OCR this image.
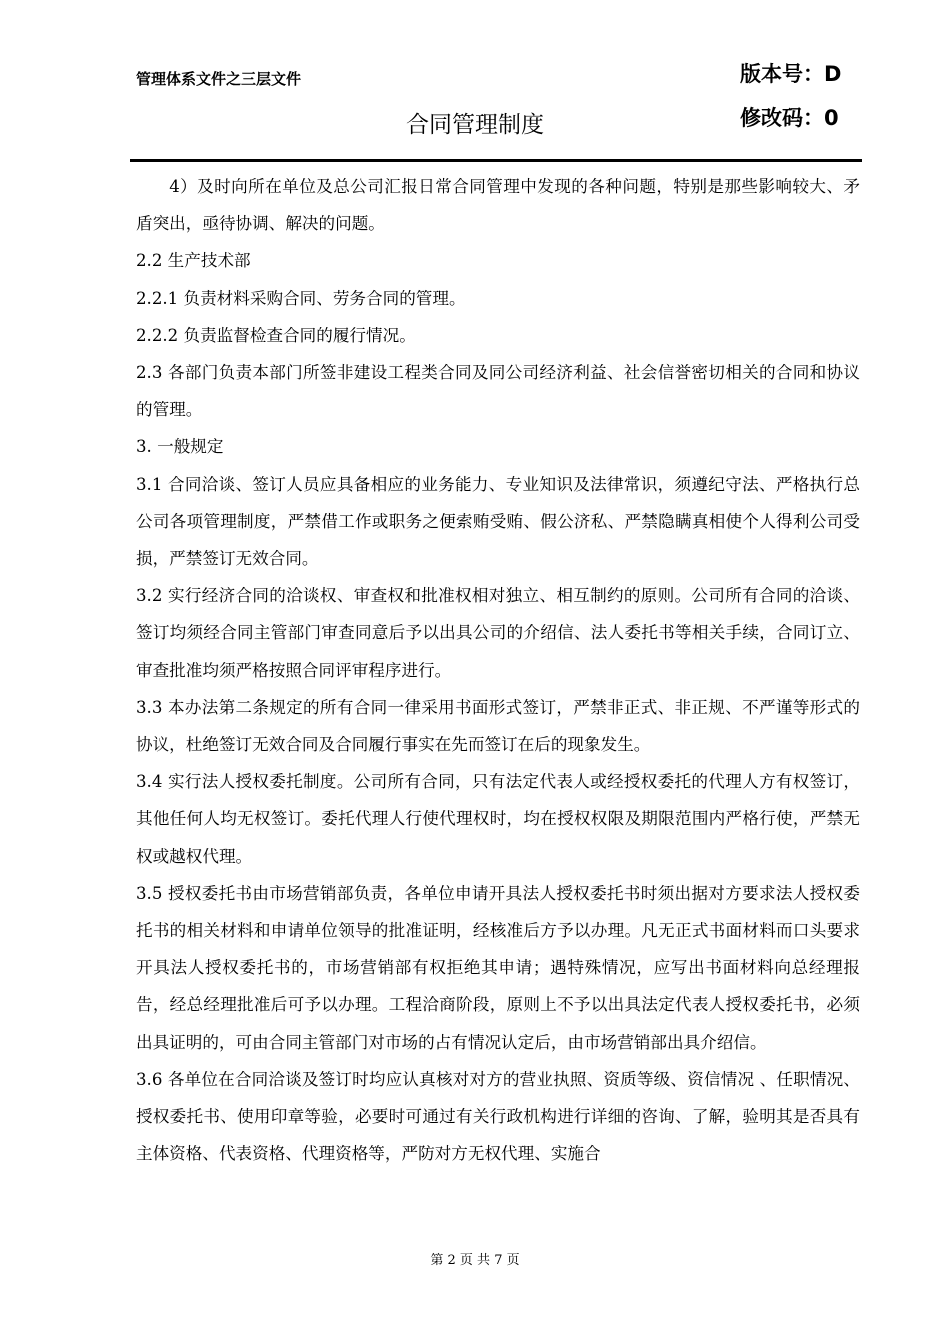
管理体系文件之三层文件
合同管理制度
版本号：D
修改码：0

4）及时向所在单位及总公司汇报日常合同管理中发现的各种问题，特别是那些影响较大、矛盾突出，亟待协调、解决的问题。

2.2 生产技术部

2.2.1 负责材料采购合同、劳务合同的管理。

2.2.2 负责监督检查合同的履行情况。

2.3 各部门负责本部门所签非建设工程类合同及同公司经济利益、社会信誉密切相关的合同和协议的管理。

3. 一般规定

3.1 合同洽谈、签订人员应具备相应的业务能力、专业知识及法律常识，须遵纪守法、严格执行总公司各项管理制度，严禁借工作或职务之便索贿受贿、假公济私、严禁隐瞒真相使个人得利公司受损，严禁签订无效合同。

3.2 实行经济合同的洽谈权、审查权和批准权相对独立、相互制约的原则。公司所有合同的洽谈、签订均须经合同主管部门审查同意后予以出具公司的介绍信、法人委托书等相关手续，合同订立、审查批准均须严格按照合同评审程序进行。

3.3 本办法第二条规定的所有合同一律采用书面形式签订，严禁非正式、非正规、不严谨等形式的协议，杜绝签订无效合同及合同履行事实在先而签订在后的现象发生。

3.4 实行法人授权委托制度。公司所有合同，只有法定代表人或经授权委托的代理人方有权签订，其他任何人均无权签订。委托代理人行使代理权时，均在授权权限及期限范围内严格行使，严禁无权或越权代理。

3.5 授权委托书由市场营销部负责，各单位申请开具法人授权委托书时须出据对方要求法人授权委托书的相关材料和申请单位领导的批准证明，经核准后方予以办理。凡无正式书面材料而口头要求开具法人授权委托书的，市场营销部有权拒绝其申请；遇特殊情况，应写出书面材料向总经理报告，经总经理批准后可予以办理。工程洽商阶段，原则上不予以出具法定代表人授权委托书，必须出具证明的，可由合同主管部门对市场的占有情况认定后，由市场营销部出具介绍信。

3.6 各单位在合同洽谈及签订时均应认真核对对方的营业执照、资质等级、资信情况 、任职情况、授权委托书、使用印章等验，必要时可通过有关行政机构进行详细的咨询、了解，验明其是否具有主体资格、代表资格、代理资格等，严防对方无权代理、实施合

第 2 页 共 7 页
